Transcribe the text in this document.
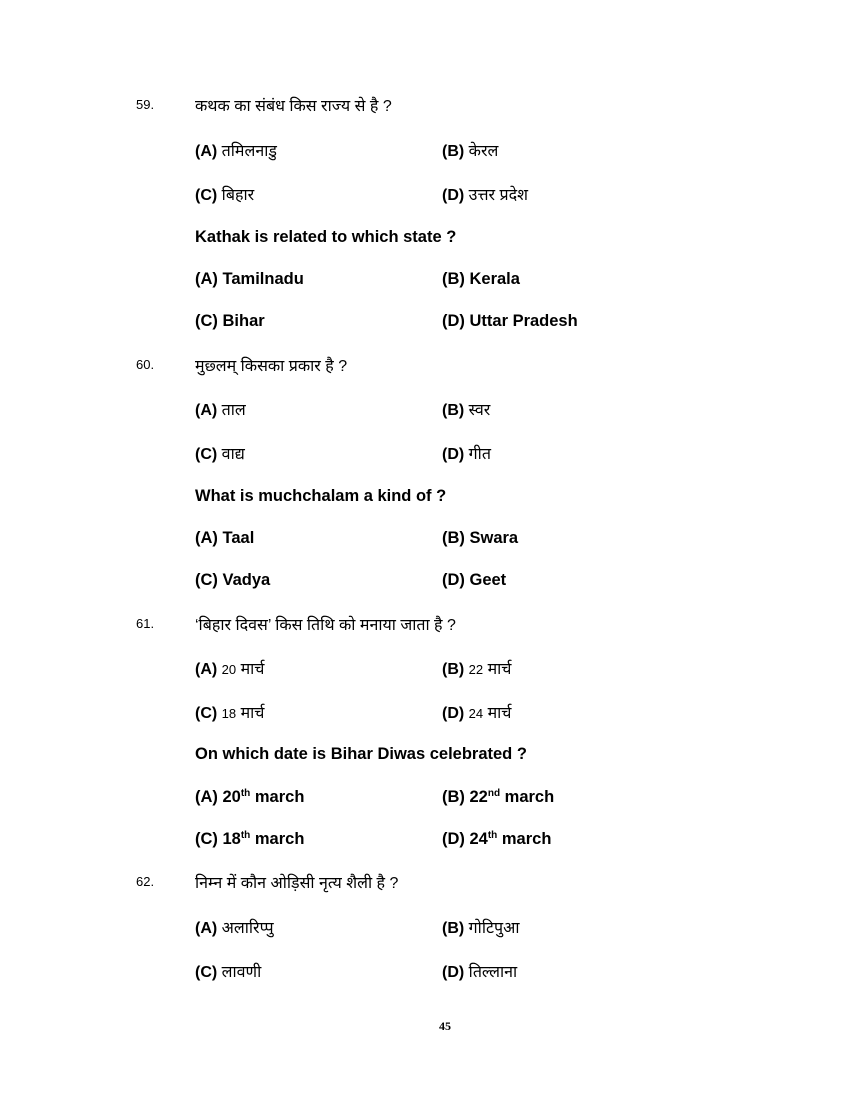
59.	कथक का संबंध किस राज्य से है ?
(A) तमिलनाडु	(B) केरल
(C) बिहार	(D) उत्तर प्रदेश
Kathak is related to which state ?
(A) Tamilnadu	(B) Kerala
(C) Bihar	(D) Uttar Pradesh
60.	मुछ्लम् किसका प्रकार है ?
(A) ताल	(B) स्वर
(C) वाद्य	(D) गीत
What is muchchalam a kind of ?
(A) Taal	(B) Swara
(C) Vadya	(D) Geet
61.	‘बिहार दिवस’ किस तिथि को मनाया जाता है ?
(A) 20 मार्च	(B) 22 मार्च
(C) 18 मार्च	(D) 24 मार्च
On which date is Bihar Diwas celebrated ?
(A) 20th march	(B) 22nd march
(C) 18th march	(D) 24th march
62.	निम्न में कौन ओड़िसी नृत्य शैली है ?
(A) अलारिप्पु	(B) गोटिपुआ
(C) लावणी	(D) तिल्लाना
45
